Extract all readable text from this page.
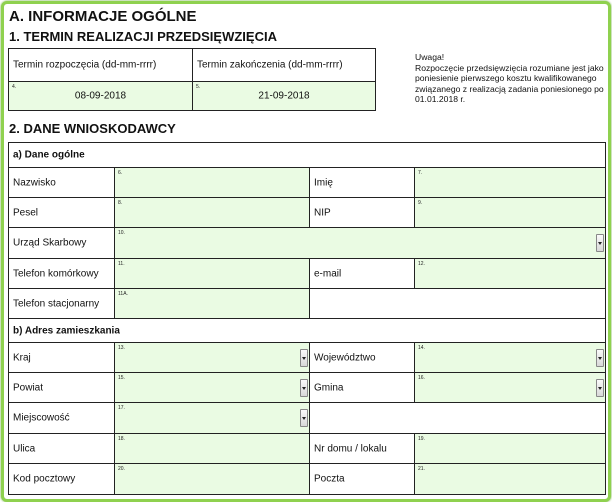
A. INFORMACJE OGÓLNE
1. TERMIN REALIZACJI PRZEDSIĘWZIĘCIA
Termin rozpoczęcia (dd-mm-rrrr)	Termin zakończenia (dd-mm-rrrr)
4.
08-09-2018
5.
21-09-2018
Uwaga!
Rozpoczęcie przedsięwzięcia rozumiane jest jako poniesienie pierwszego kosztu kwalifikowanego związanego z realizacją zadania poniesionego po 01.01.2018 r.
2. DANE WNIOSKODAWCY
a) Dane ogólne
Nazwisko
6.
Imię
7.
Pesel
8.
NIP
9.
Urząd Skarbowy
10.
Telefon komórkowy
11.
e-mail
12.
Telefon stacjonarny
11A.
b) Adres zamieszkania
Kraj
13.
Województwo
14.
Powiat
15.
Gmina
16.
Miejscowość
17.
Ulica
18.
Nr domu / lokalu
19.
Kod pocztowy
20.
Poczta
21.
